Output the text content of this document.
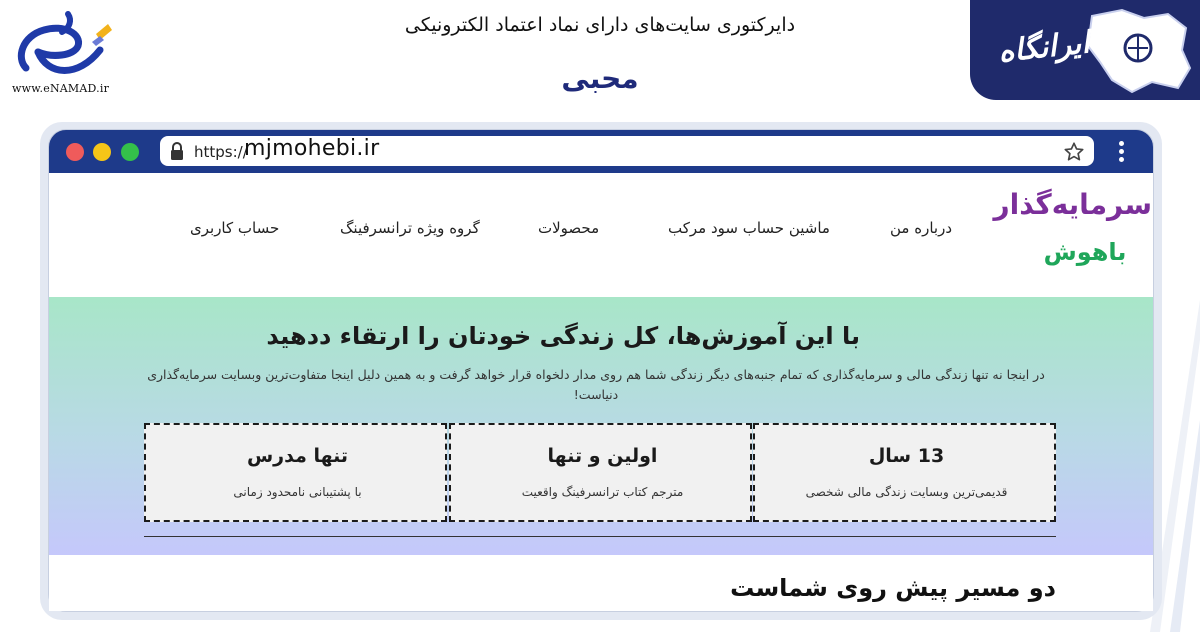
www.eNAMAD.ir
دایرکتوری سایت‌های دارای نماد اعتماد الکترونیکی
محبی
ایرانگاه
https://
mjmohebi.ir
سرمایه‌گذار
باهوش
درباره من
ماشین حساب سود مرکب
محصولات
گروه ویژه ترانسرفینگ
حساب کاربری
با این آموزش‌ها، کل زندگی خودتان را ارتقاء ددهید
در اینجا نه تنها زندگی مالی و سرمایه‌گذاری که تمام جنبه‌های دیگر زندگی شما هم روی مدار دلخواه قرار خواهد گرفت و به همین دلیل اینجا متفاوت‌ترین وبسایت سرمایه‌گذاری دنیاست!
13 سال
قدیمی‌ترین وبسایت زندگی مالی شخصی
اولین و تنها
مترجم کتاب ترانسرفینگ واقعیت
تنها مدرس
با پشتیبانی نامحدود زمانی
دو مسیر پیش روی شماست
